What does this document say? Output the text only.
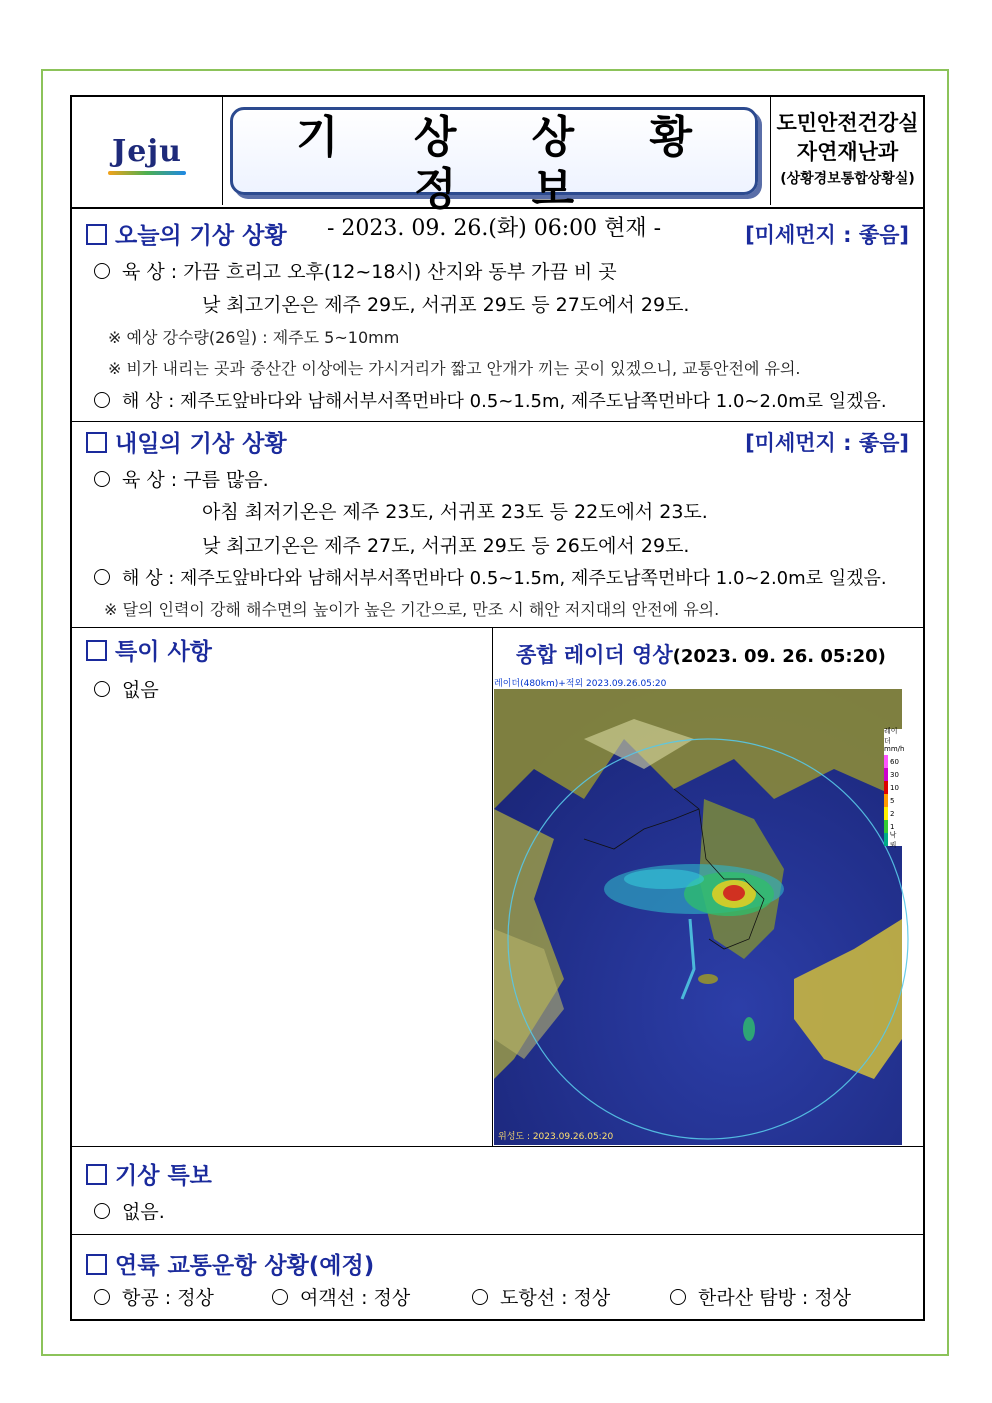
Jeju	기 상 상 황 정 보
- 2023. 09. 26.(화) 06:00 현재 -
도민안전건강실
자연재난과
(상황경보통합상황실)
오늘의 기상 상황	[미세먼지 : 좋음]
육 상 : 가끔 흐리고 오후(12~18시) 산지와 동부 가끔 비 곳
낮 최고기온은 제주 29도, 서귀포 29도 등 27도에서 29도.
※ 예상 강수량(26일) : 제주도 5~10mm
※ 비가 내리는 곳과 중산간 이상에는 가시거리가 짧고 안개가 끼는 곳이 있겠으니, 교통안전에 유의.
해 상 : 제주도앞바다와 남해서부서쪽먼바다 0.5~1.5m, 제주도남쪽먼바다 1.0~2.0m로 일겠음.
내일의 기상 상황	[미세먼지 : 좋음]
육 상 : 구름 많음.
아침 최저기온은 제주 23도, 서귀포 23도 등 22도에서 23도.
낮 최고기온은 제주 27도, 서귀포 29도 등 26도에서 29도.
해 상 : 제주도앞바다와 남해서부서쪽먼바다 0.5~1.5m, 제주도남쪽먼바다 1.0~2.0m로 일겠음.
※ 달의 인력이 강해 해수면의 높이가 높은 기간으로, 만조 시 해안 저지대의 안전에 유의.
특이 사항
없음
종합 레이더 영상(2023. 09. 26. 05:20)
레이더(480km)+적외 2023.09.26.05:20
레이더
mm/h
60
30
10
5
2
1
낙뢰
위성도 : 2023.09.26.05:20
기상 특보
없음.
연륙 교통운항 상황(예정)
항공 : 정상	여객선 : 정상	도항선 : 정상	한라산 탐방 : 정상
